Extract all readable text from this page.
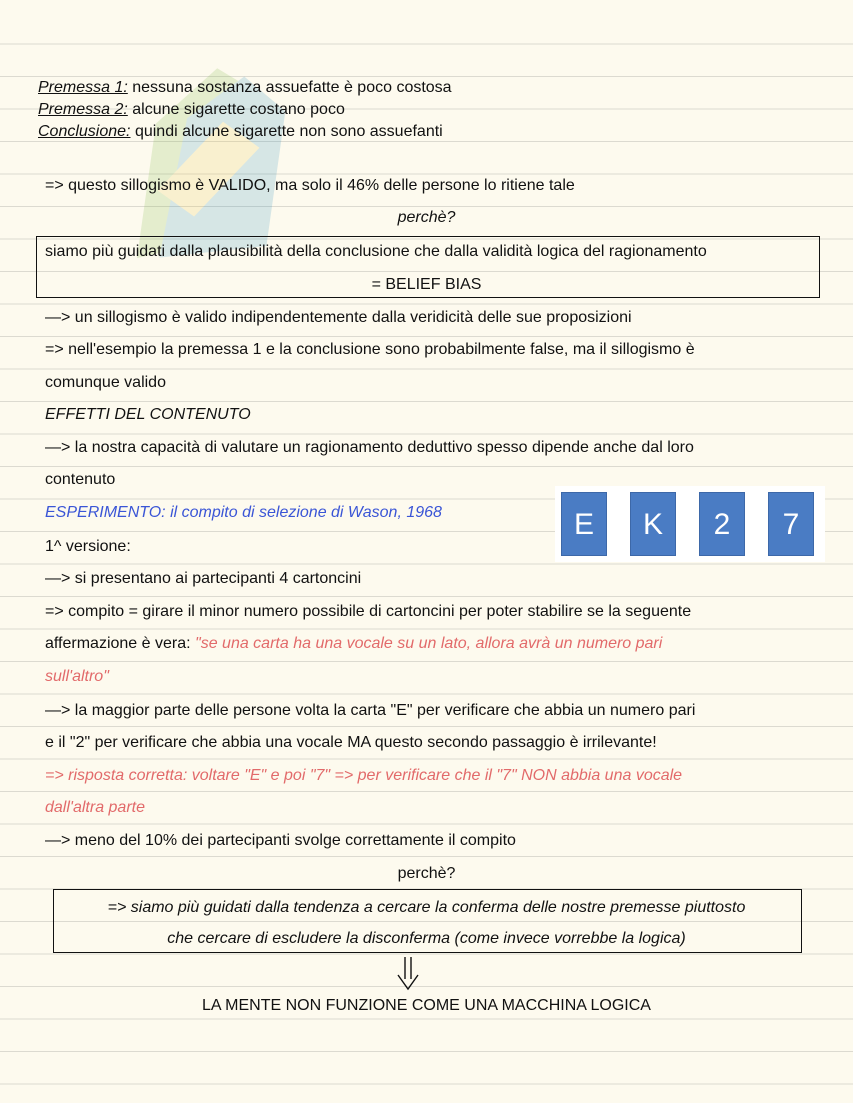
Premessa 1: nessuna sostanza assuefatte è poco costosa
Premessa 2: alcune sigarette costano poco
Conclusione: quindi alcune sigarette non sono assuefanti
=> questo sillogismo è VALIDO, ma solo il 46% delle persone lo ritiene tale
perchè?
siamo più guidati dalla plausibilità della conclusione che dalla validità logica del ragionamento
= BELIEF BIAS
—> un sillogismo è valido indipendentemente dalla veridicità delle sue proposizioni
=> nell'esempio la premessa 1 e la conclusione sono probabilmente false, ma il sillogismo è
comunque valido
EFFETTI DEL CONTENUTO
—> la nostra capacità di valutare un ragionamento deduttivo spesso dipende anche dal loro
contenuto
ESPERIMENTO: il compito di selezione di Wason, 1968
1^ versione:
E	K	2	7
—> si presentano ai partecipanti 4 cartoncini
=> compito = girare il minor numero possibile di cartoncini per poter stabilire se la seguente
affermazione è vera: "se una carta ha una vocale su un lato, allora avrà un numero pari
sull'altro"
—> la maggior parte delle persone volta la carta "E" per verificare che abbia un numero pari
e il "2" per verificare che abbia una vocale MA questo secondo passaggio è irrilevante!
=> risposta corretta: voltare "E" e poi "7" => per verificare che il "7" NON abbia una vocale
dall'altra parte
—> meno del 10% dei partecipanti svolge correttamente il compito
perchè?
=> siamo più guidati dalla tendenza a cercare la conferma delle nostre premesse piuttosto
che cercare di escludere la disconferma (come invece vorrebbe la logica)
LA MENTE NON FUNZIONE COME UNA MACCHINA LOGICA
